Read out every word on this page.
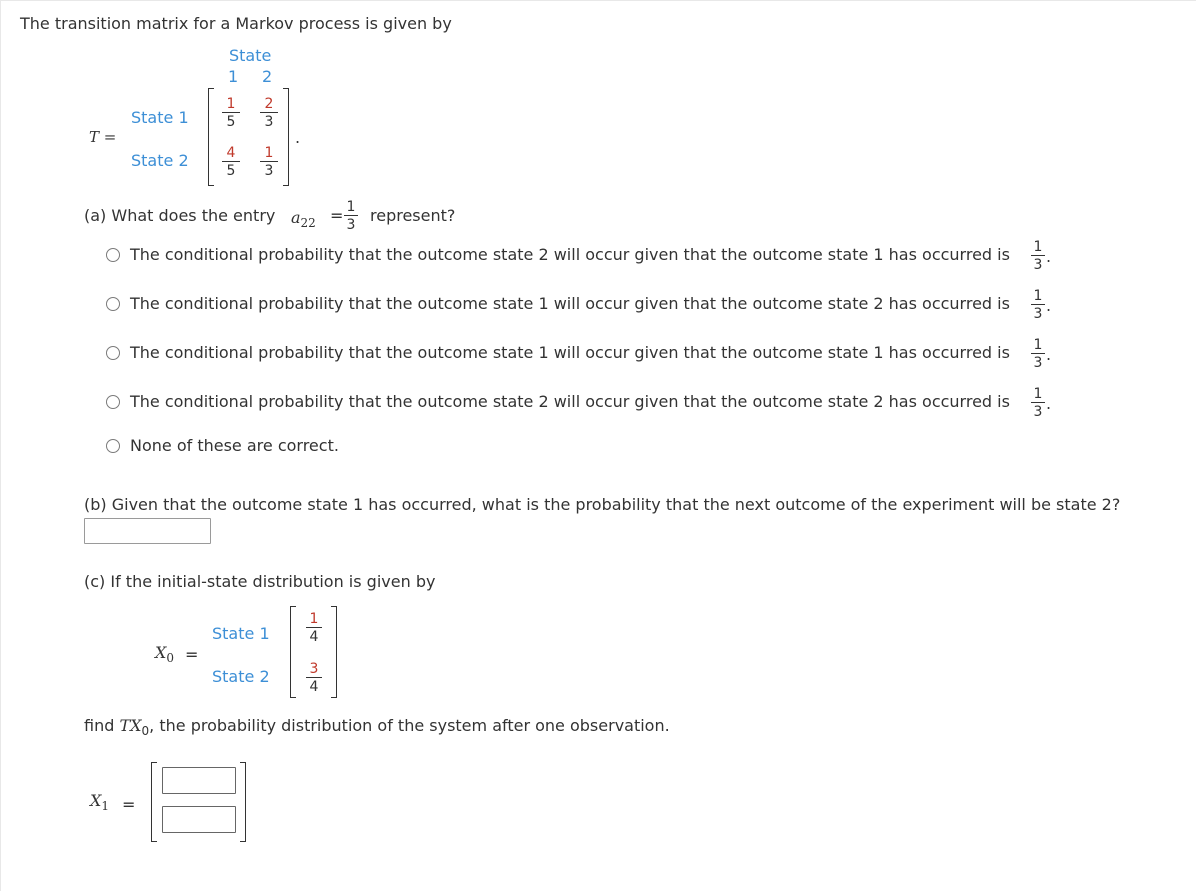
The transition matrix for a Markov process is given by
T =
State
1 2
State 1
State 2
1
5
2
3
4
5
1
3
.
(a) What does the entry $a_{22} = 1$
3 represent?
The conditional probability that the outcome state 2 will occur given that the outcome state 1 has occurred is 1
3 .
The conditional probability that the outcome state 1 will occur given that the outcome state 2 has occurred is 1
3 .
The conditional probability that the outcome state 1 will occur given that the outcome state 1 has occurred is 1
3 .
The conditional probability that the outcome state 2 will occur given that the outcome state 2 has occurred is 1
3 .
None of these are correct.
(b) Given that the outcome state 1 has occurred, what is the probability that the next outcome of the experiment will be state 2?
(c) If the initial-state distribution is given by
$X_0$ =
State 1
State 2
1
4
3
4
find $TX_0$, the probability distribution of the system after one observation.
$X_1$ =
